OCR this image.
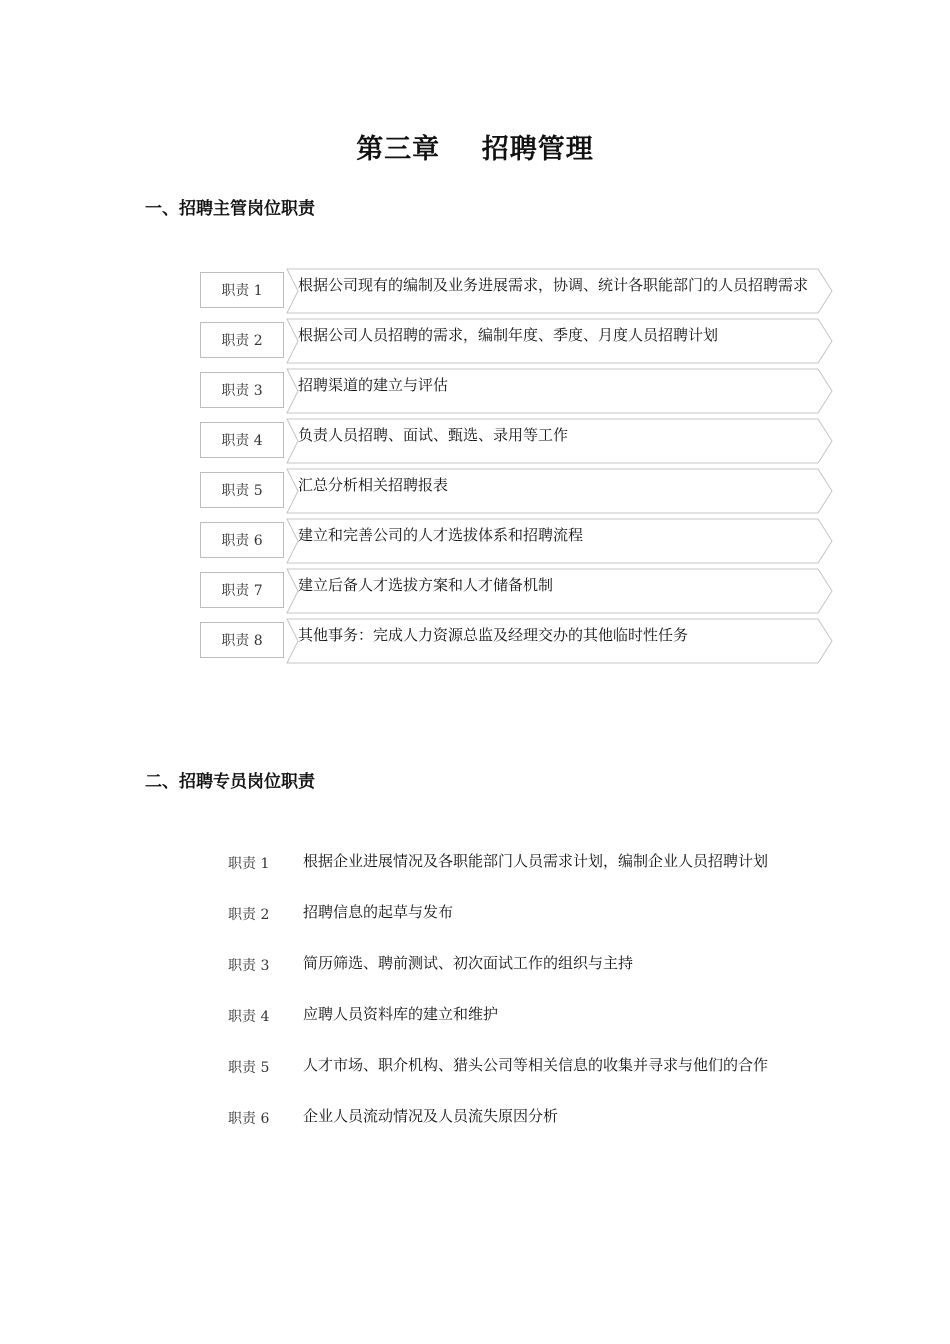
第三章    招聘管理
一、招聘主管岗位职责
职责 1	根据公司现有的编制及业务进展需求，协调、统计各职能部门的人员招聘需求
职责 2	根据公司人员招聘的需求，编制年度、季度、月度人员招聘计划
职责 3	招聘渠道的建立与评估
职责 4	负责人员招聘、面试、甄选、录用等工作
职责 5	汇总分析相关招聘报表
职责 6	建立和完善公司的人才选拔体系和招聘流程
职责 7	建立后备人才选拔方案和人才储备机制
职责 8	其他事务：完成人力资源总监及经理交办的其他临时性任务
二、招聘专员岗位职责
职责 1 根据企业进展情况及各职能部门人员需求计划，编制企业人员招聘计划
职责 2 招聘信息的起草与发布
职责 3 简历筛选、聘前测试、初次面试工作的组织与主持
职责 4 应聘人员资料库的建立和维护
职责 5 人才市场、职介机构、猎头公司等相关信息的收集并寻求与他们的合作
职责 6 企业人员流动情况及人员流失原因分析
